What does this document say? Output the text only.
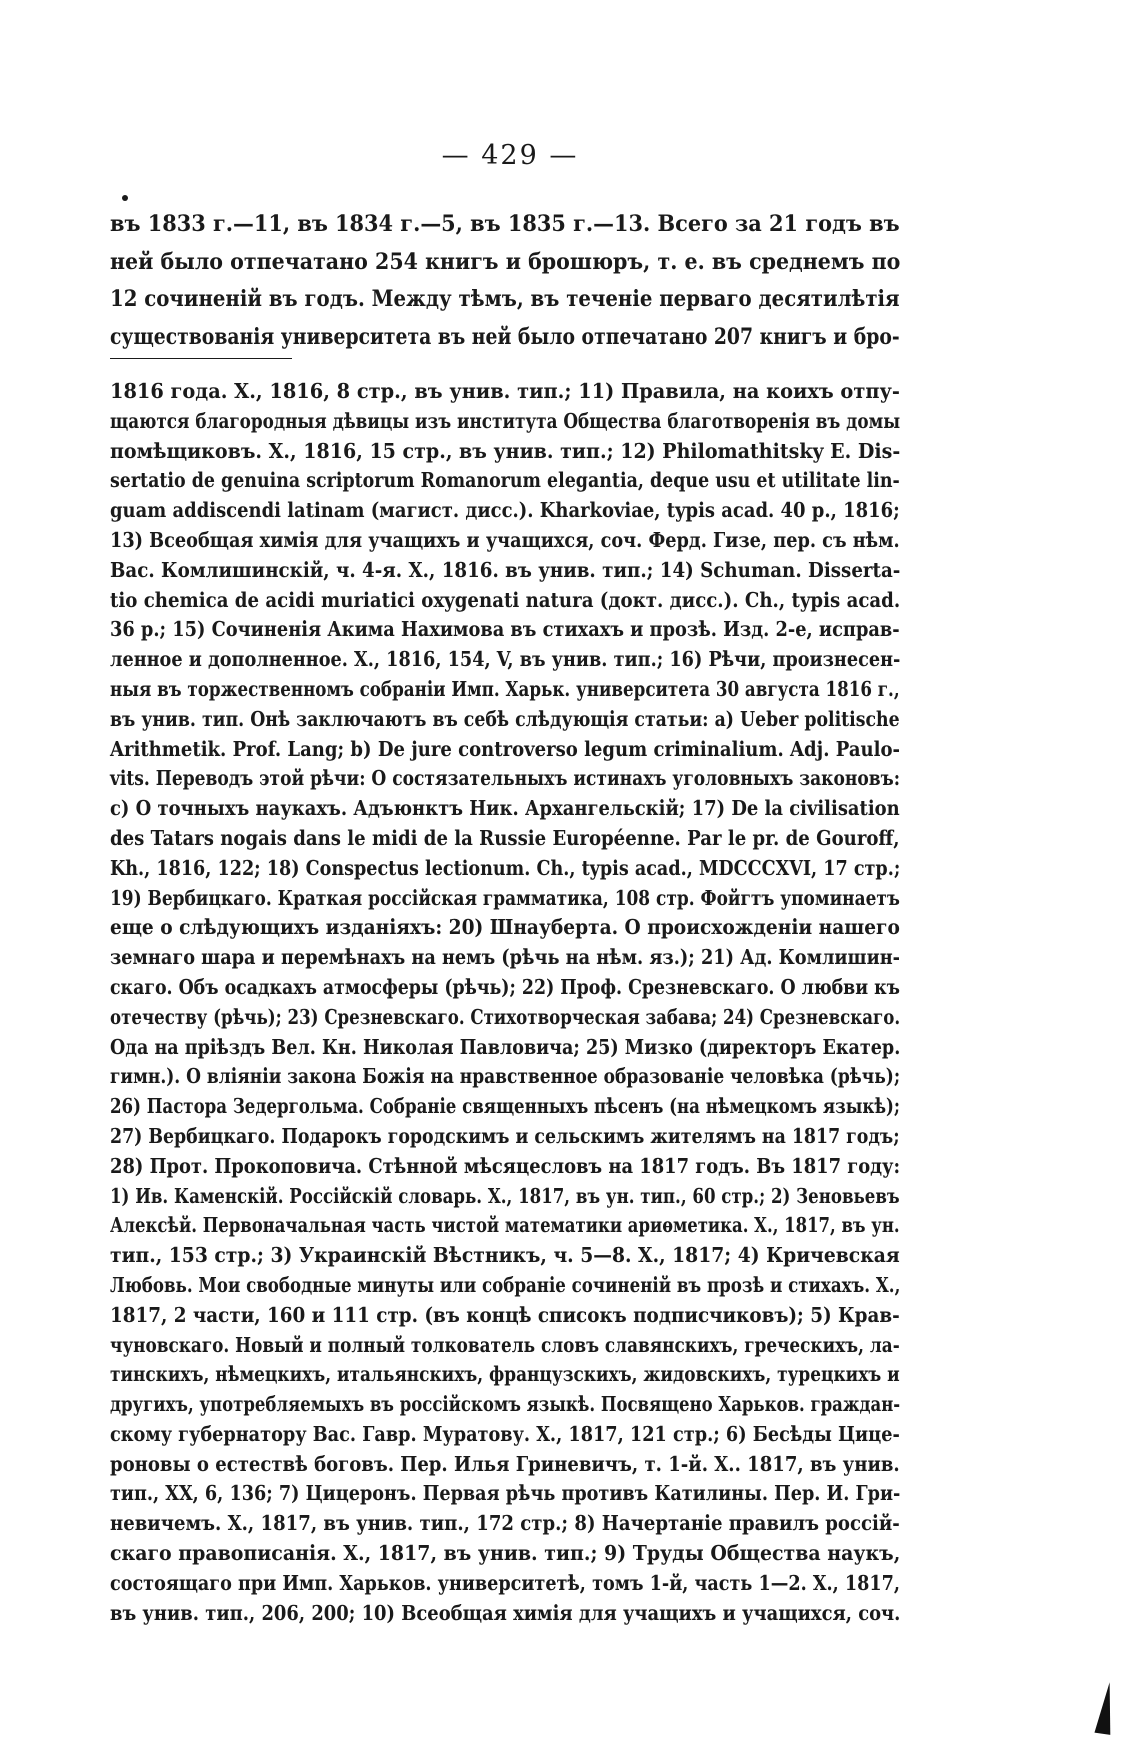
— 429 —
въ 1833 г.—11, въ 1834 г.—5, въ 1835 г.—13. Всего за 21 годъ въ
ней было отпечатано 254 книгъ и брошюръ, т. е. въ среднемъ по
12 сочиненій въ годъ. Между тѣмъ, въ теченіе перваго десятилѣтія
существованія университета въ ней было отпечатано 207 книгъ и бро-
1816 года. Х., 1816, 8 стр., въ унив. тип.; 11) Правила, на коихъ отпу-
щаются благородныя дѣвицы изъ института Общества благотворенія въ домы
помѣщиковъ. Х., 1816, 15 стр., въ унив. тип.; 12) Philomathitsky E. Dis-
sertatio de genuina scriptorum Romanorum elegantia, deque usu et utilitate lin-
guam addiscendi latinam (магист. дисс.). Kharkoviae, typis acad. 40 p., 1816;
13) Всеобщая химія для учащихъ и учащихся, соч. Ферд. Гизе, пер. съ нѣм.
Вас. Комлишинскій, ч. 4-я. Х., 1816. въ унив. тип.; 14) Schuman. Disserta-
tio chemica de acidi muriatici oxygenati natura (докт. дисс.). Ch., typis acad.
36 p.; 15) Сочиненія Акима Нахимова въ стихахъ и прозѣ. Изд. 2-е, исправ-
ленное и дополненное. Х., 1816, 154, V, въ унив. тип.; 16) Рѣчи, произнесен-
ныя въ торжественномъ собраніи Имп. Харьк. университета 30 августа 1816 г.,
въ унив. тип. Онѣ заключаютъ въ себѣ слѣдующія статьи: a) Ueber politische
Arithmetik. Prof. Lang; b) De jure controverso legum criminalium. Adj. Paulo-
vits. Переводъ этой рѣчи: О состязательныхъ истинахъ уголовныхъ законовъ:
c) О точныхъ наукахъ. Адъюнктъ Ник. Архангельскій; 17) De la civilisation
des Tatars nogais dans le midi de la Russie Européenne. Par le pr. de Gouroff,
Kh., 1816, 122; 18) Conspectus lectionum. Ch., typis acad., MDCCCXVI, 17 стр.;
19) Вербицкаго. Краткая россійская грамматика, 108 стр. Фойгтъ упоминаетъ
еще о слѣдующихъ изданіяхъ: 20) Шнауберта. О происхожденіи нашего
земнаго шара и перемѣнахъ на немъ (рѣчь на нѣм. яз.); 21) Ад. Комлишин-
скаго. Объ осадкахъ атмосферы (рѣчь); 22) Проф. Срезневскаго. О любви къ
отечеству (рѣчь); 23) Срезневскаго. Стихотворческая забава; 24) Срезневскаго.
Ода на пріѣздъ Вел. Кн. Николая Павловича; 25) Мизко (директоръ Екатер.
гимн.). О вліяніи закона Божія на нравственное образованіе человѣка (рѣчь);
26) Пастора Зедергольма. Собраніе священныхъ пѣсенъ (на нѣмецкомъ языкѣ);
27) Вербицкаго. Подарокъ городскимъ и сельскимъ жителямъ на 1817 годъ;
28) Прот. Прокоповича. Стѣнной мѣсяцесловъ на 1817 годъ. Въ 1817 году:
1) Ив. Каменскій. Россійскій словарь. Х., 1817, въ ун. тип., 60 стр.; 2) Зеновьевъ
Алексѣй. Первоначальная часть чистой математики ариѳметика. Х., 1817, въ ун.
тип., 153 стр.; 3) Украинскій Вѣстникъ, ч. 5—8. Х., 1817; 4) Кричевская
Любовь. Мои свободные минуты или собраніе сочиненій въ прозѣ и стихахъ. Х.,
1817, 2 части, 160 и 111 стр. (въ концѣ списокъ подписчиковъ); 5) Крав-
чуновскаго. Новый и полный толкователь словъ славянскихъ, греческихъ, ла-
тинскихъ, нѣмецкихъ, итальянскихъ, французскихъ, жидовскихъ, турецкихъ и
другихъ, употребляемыхъ въ россійскомъ языкѣ. Посвящено Харьков. граждан-
скому губернатору Вас. Гавр. Муратову. Х., 1817, 121 стр.; 6) Бесѣды Цице-
роновы о естествѣ боговъ. Пер. Илья Гриневичъ, т. 1-й. Х.. 1817, въ унив.
тип., XX, 6, 136; 7) Цицеронъ. Первая рѣчь противъ Катилины. Пер. И. Гри-
невичемъ. Х., 1817, въ унив. тип., 172 стр.; 8) Начертаніе правилъ россій-
скаго правописанія. Х., 1817, въ унив. тип.; 9) Труды Общества наукъ,
состоящаго при Имп. Харьков. университетѣ, томъ 1-й, часть 1—2. Х., 1817,
въ унив. тип., 206, 200; 10) Всеобщая химія для учащихъ и учащихся, соч.
